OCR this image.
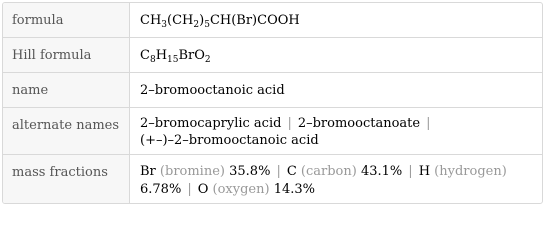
formula	$CH_3(CH_2)_5CH(Br)COOH$
Hill formula	$C_8H_{15}BrO_2$
name	2–bromooctanoic acid
alternate names	2–bromocaprylic acid | 2–bromooctanoate |
(+–)–2–bromooctanoic acid
mass fractions	Br (bromine) 35.8% | C (carbon) 43.1% | H (hydrogen)
6.78% | O (oxygen) 14.3%
